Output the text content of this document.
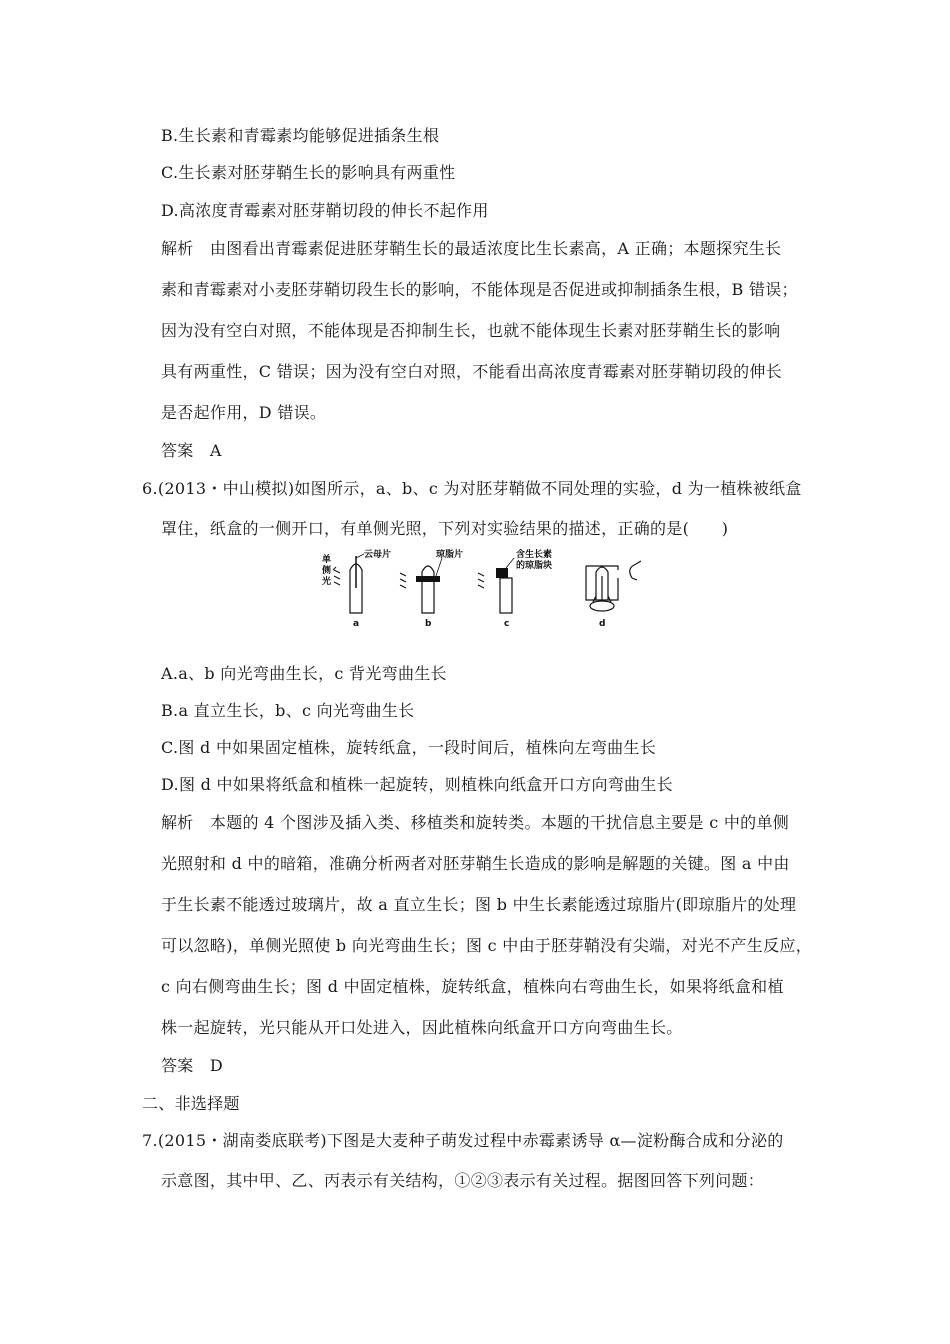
B.生长素和青霉素均能够促进插条生根
C.生长素对胚芽鞘生长的影响具有两重性
D.高浓度青霉素对胚芽鞘切段的伸长不起作用
解析　由图看出青霉素促进胚芽鞘生长的最适浓度比生长素高，A 正确；本题探究生长
素和青霉素对小麦胚芽鞘切段生长的影响，不能体现是否促进或抑制插条生根，B 错误；
因为没有空白对照，不能体现是否抑制生长，也就不能体现生长素对胚芽鞘生长的影响
具有两重性，C 错误；因为没有空白对照，不能看出高浓度青霉素对胚芽鞘切段的伸长
是否起作用，D 错误。
答案　A
6.(2013・中山模拟)如图所示，a、b、c 为对胚芽鞘做不同处理的实验，d 为一植株被纸盒
罩住，纸盒的一侧开口，有单侧光照，下列对实验结果的描述，正确的是(　　)
单
侧
光
云母片
a
琼脂片
b
含生长素
的琼脂块
c	d
A.a、b 向光弯曲生长，c 背光弯曲生长
B.a 直立生长，b、c 向光弯曲生长
C.图 d 中如果固定植株，旋转纸盒，一段时间后，植株向左弯曲生长
D.图 d 中如果将纸盒和植株一起旋转，则植株向纸盒开口方向弯曲生长
解析　本题的 4 个图涉及插入类、移植类和旋转类。本题的干扰信息主要是 c 中的单侧
光照射和 d 中的暗箱，准确分析两者对胚芽鞘生长造成的影响是解题的关键。图 a 中由
于生长素不能透过玻璃片，故 a 直立生长；图 b 中生长素能透过琼脂片(即琼脂片的处理
可以忽略)，单侧光照使 b 向光弯曲生长；图 c 中由于胚芽鞘没有尖端，对光不产生反应，
c 向右侧弯曲生长；图 d 中固定植株，旋转纸盒，植株向右弯曲生长，如果将纸盒和植
株一起旋转，光只能从开口处进入，因此植株向纸盒开口方向弯曲生长。
答案　D
二、非选择题
7.(2015・湖南娄底联考)下图是大麦种子萌发过程中赤霉素诱导 α—淀粉酶合成和分泌的
示意图，其中甲、乙、丙表示有关结构，①②③表示有关过程。据图回答下列问题：
